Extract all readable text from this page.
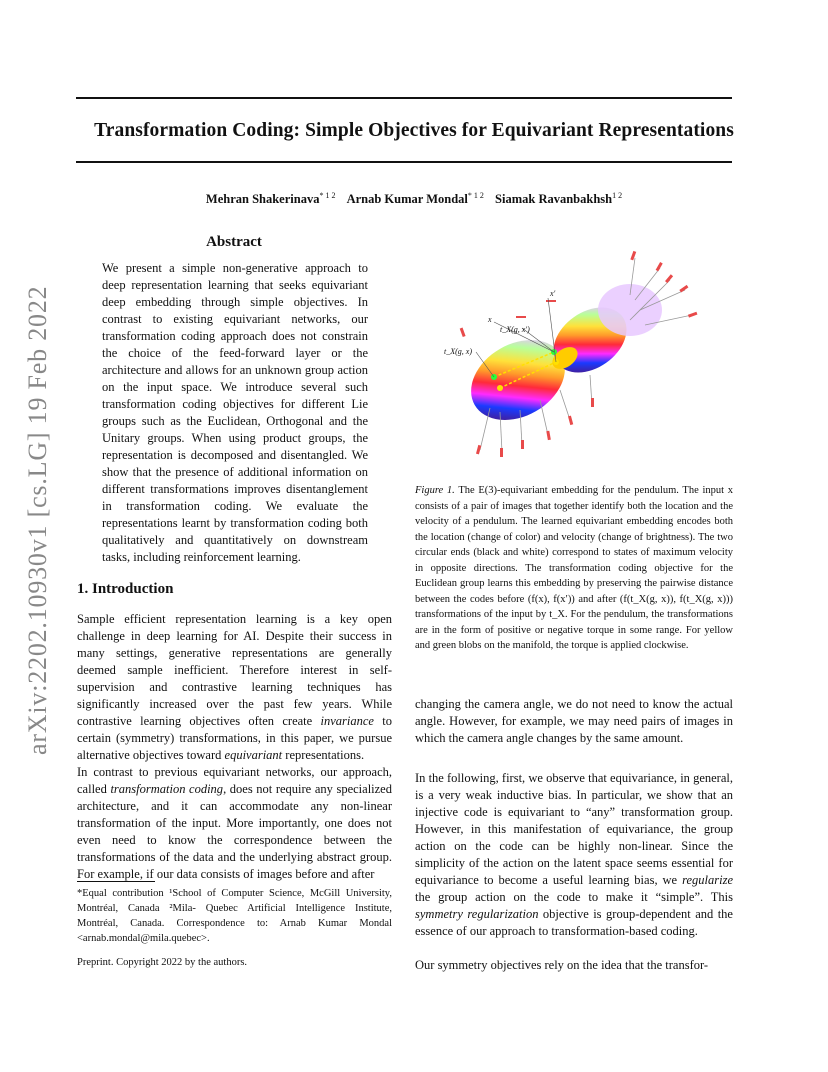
Transformation Coding: Simple Objectives for Equivariant Representations
Mehran Shakerinava$^{* 1 2}$ Arnab Kumar Mondal$^{* 1 2}$ Siamak Ravanbakhsh$^{1 2}$
arXiv:2202.10930v1 [cs.LG] 19 Feb 2022
Abstract
We present a simple non-generative approach to deep representation learning that seeks equivariant deep embedding through simple objectives. In contrast to existing equivariant networks, our transformation coding approach does not constrain the choice of the feed-forward layer or the architecture and allows for an unknown group action on the input space. We introduce several such transformation coding objectives for different Lie groups such as the Euclidean, Orthogonal and the Unitary groups. When using product groups, the representation is decomposed and disentangled. We show that the presence of additional information on different transformations improves disentanglement in transformation coding. We evaluate the representations learnt by transformation coding both qualitatively and quantitatively on downstream tasks, including reinforcement learning.
1. Introduction
Sample efficient representation learning is a key open challenge in deep learning for AI. Despite their success in many settings, generative representations are generally deemed sample inefficient. Therefore interest in self-supervision and contrastive learning techniques has significantly increased over the past few years. While contrastive learning objectives often create invariance to certain (symmetry) transformations, in this paper, we pursue alternative objectives toward equivariant representations.
In contrast to previous equivariant networks, our approach, called transformation coding, does not require any specialized architecture, and it can accommodate any non-linear transformation of the input. More importantly, one does not even need to know the correspondence between the transformations of the data and the underlying abstract group. For example, if our data consists of images before and after
*Equal contribution ¹School of Computer Science, McGill University, Montréal, Canada ²Mila- Quebec Artificial Intelligence Institute, Montréal, Canada. Correspondence to: Arnab Kumar Mondal <arnab.mondal@mila.quebec>.
Preprint. Copyright 2022 by the authors.
x
x′
t_X(g, x)
t_X(g, x′)
Figure 1. The E(3)-equivariant embedding for the pendulum. The input x consists of a pair of images that together identify both the location and the velocity of a pendulum. The learned equivariant embedding encodes both the location (change of color) and velocity (change of brightness). The two circular ends (black and white) correspond to states of maximum velocity in opposite directions. The transformation coding objective for the Euclidean group learns this embedding by preserving the pairwise distance between the codes before (f(x), f(x′)) and after (f(t_X(g, x)), f(t_X(g, x))) transformations of the input by t_X. For the pendulum, the transformations are in the form of positive or negative torque in some range. For yellow and green blobs on the manifold, the torque is applied clockwise.
changing the camera angle, we do not need to know the actual angle. However, for example, we may need pairs of images in which the camera angle changes by the same amount.
In the following, first, we observe that equivariance, in general, is a very weak inductive bias. In particular, we show that an injective code is equivariant to “any” transformation group. However, in this manifestation of equivariance, the group action on the code can be highly non-linear. Since the simplicity of the action on the latent space seems essential for equivariance to become a useful learning bias, we regularize the group action on the code to make it “simple”. This symmetry regularization objective is group-dependent and the essence of our approach to transformation-based coding.
Our symmetry objectives rely on the idea that the transfor-
